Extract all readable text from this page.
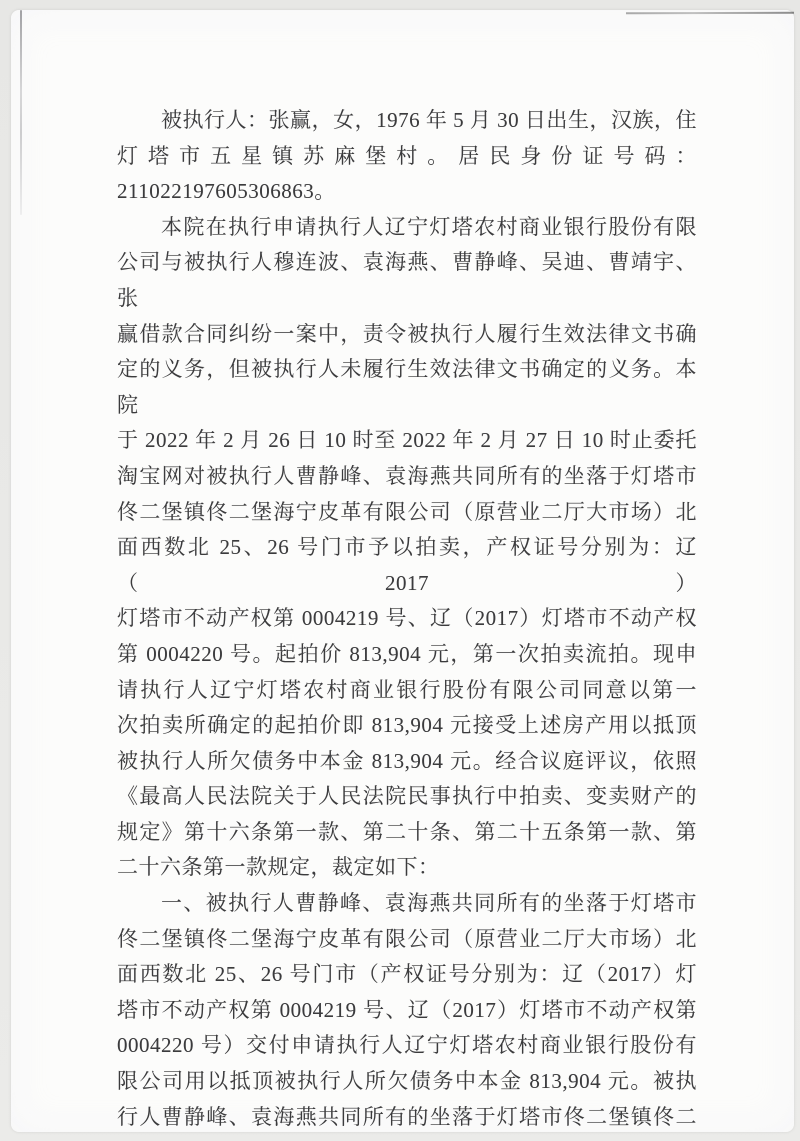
被执行人：张赢，女，1976 年 5 月 30 日出生，汉族，住
灯塔市五星镇苏麻堡村。居民身份证号码：
211022197605306863。
本院在执行申请执行人辽宁灯塔农村商业银行股份有限
公司与被执行人穆连波、袁海燕、曹静峰、吴迪、曹靖宇、张
赢借款合同纠纷一案中，责令被执行人履行生效法律文书确
定的义务，但被执行人未履行生效法律文书确定的义务。本院
于 2022 年 2 月 26 日 10 时至 2022 年 2 月 27 日 10 时止委托
淘宝网对被执行人曹静峰、袁海燕共同所有的坐落于灯塔市
佟二堡镇佟二堡海宁皮革有限公司（原营业二厅大市场）北
面西数北 25、26 号门市予以拍卖，产权证号分别为：辽（2017）
灯塔市不动产权第 0004219 号、辽（2017）灯塔市不动产权
第 0004220 号。起拍价 813,904 元，第一次拍卖流拍。现申
请执行人辽宁灯塔农村商业银行股份有限公司同意以第一
次拍卖所确定的起拍价即 813,904 元接受上述房产用以抵顶
被执行人所欠债务中本金 813,904 元。经合议庭评议，依照
《最高人民法院关于人民法院民事执行中拍卖、变卖财产的
规定》第十六条第一款、第二十条、第二十五条第一款、第
二十六条第一款规定，裁定如下：
一、被执行人曹静峰、袁海燕共同所有的坐落于灯塔市
佟二堡镇佟二堡海宁皮革有限公司（原营业二厅大市场）北
面西数北 25、26 号门市（产权证号分别为：辽（2017）灯
塔市不动产权第 0004219 号、辽（2017）灯塔市不动产权第
0004220 号）交付申请执行人辽宁灯塔农村商业银行股份有
限公司用以抵顶被执行人所欠债务中本金 813,904 元。被执
行人曹静峰、袁海燕共同所有的坐落于灯塔市佟二堡镇佟二
